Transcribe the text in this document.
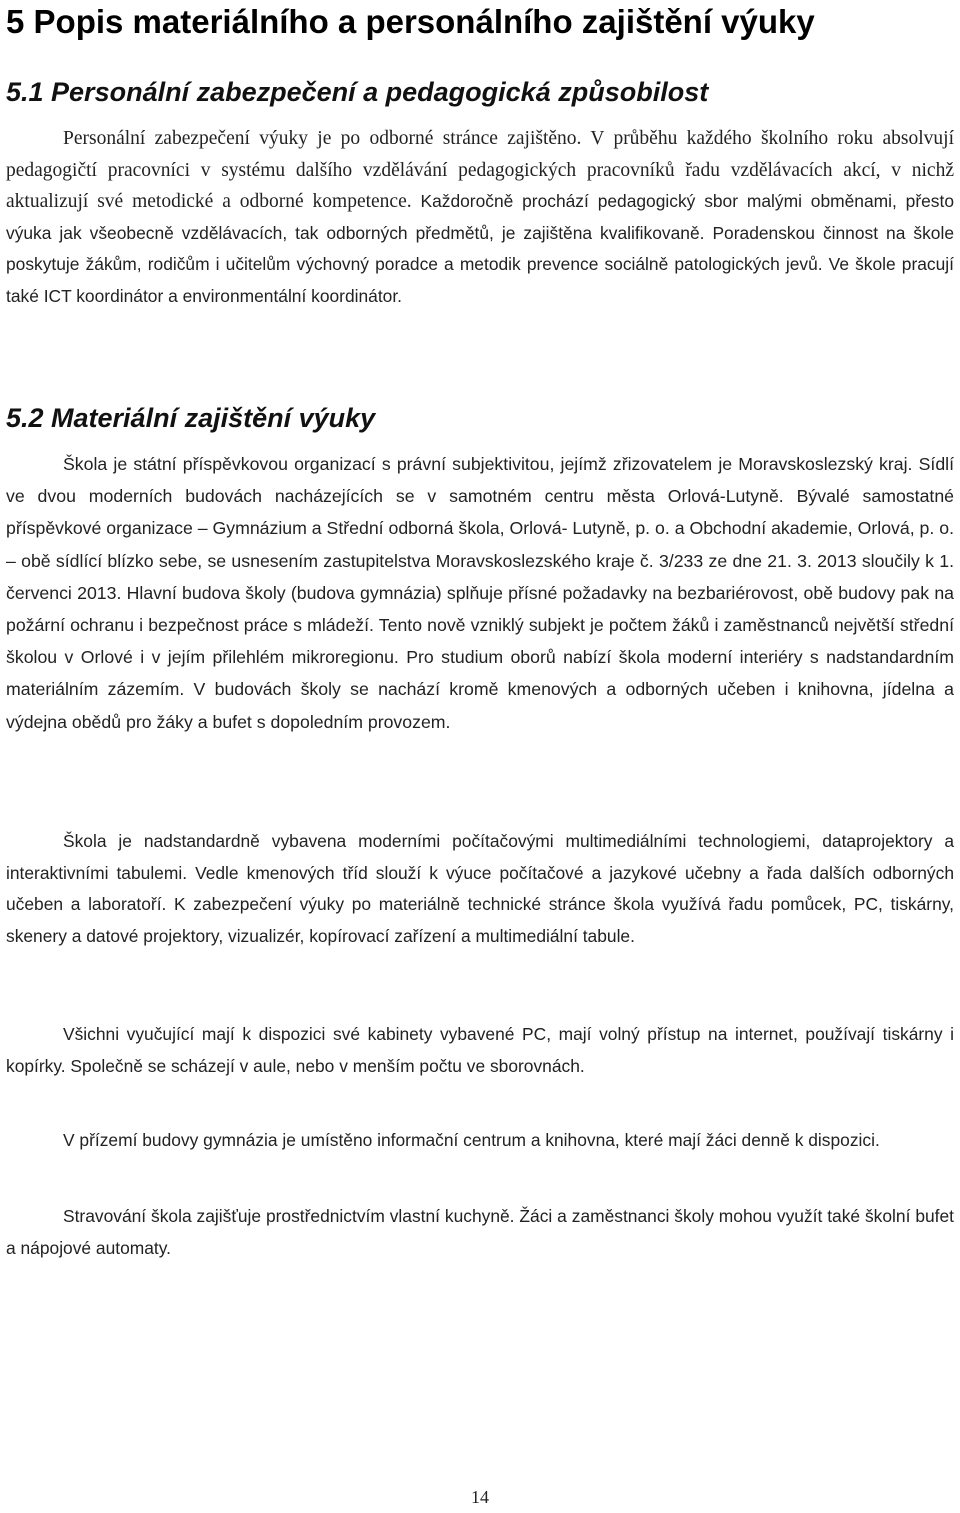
5 Popis materiálního a personálního zajištění výuky
5.1 Personální zabezpečení a pedagogická způsobilost

Personální zabezpečení výuky je po odborné stránce zajištěno. V průběhu každého školního roku absolvují pedagogičtí pracovníci v systému dalšího vzdělávání pedagogických pracovníků řadu vzdělávacích akcí, v nichž aktualizují své metodické a odborné kompetence. Každoročně prochází pedagogický sbor malými obměnami, přesto výuka jak všeobecně vzdělávacích, tak odborných předmětů, je zajištěna kvalifikovaně. Poradenskou činnost na škole poskytuje žákům, rodičům i učitelům výchovný poradce a metodik prevence sociálně patologických jevů. Ve škole pracují také ICT koordinátor a environmentální koordinátor.

5.2 Materiální zajištění výuky

Škola je státní příspěvkovou organizací s právní subjektivitou, jejímž zřizovatelem je Moravskoslezský kraj. Sídlí ve dvou moderních budovách nacházejících se v samotném centru města Orlová-Lutyně. Bývalé samostatné příspěvkové organizace – Gymnázium a Střední odborná škola, Orlová- Lutyně, p. o. a Obchodní akademie, Orlová, p. o. – obě sídlící blízko sebe, se usnesením zastupitelstva Moravskoslezského kraje č. 3/233 ze dne 21. 3. 2013 sloučily k 1. červenci 2013. Hlavní budova školy (budova gymnázia) splňuje přísné požadavky na bezbariérovost, obě budovy pak na požární ochranu i bezpečnost práce s mládeží. Tento nově vzniklý subjekt je počtem žáků i zaměstnanců největší střední školou v Orlové i v jejím přilehlém mikroregionu. Pro studium oborů nabízí škola moderní interiéry s nadstandardním materiálním zázemím. V budovách školy se nachází kromě kmenových a odborných učeben i knihovna, jídelna a výdejna obědů pro žáky a bufet s dopoledním provozem.

Škola je nadstandardně vybavena moderními počítačovými multimediálními technologiemi, dataprojektory a interaktivními tabulemi. Vedle kmenových tříd slouží k výuce počítačové a jazykové učebny a řada dalších odborných učeben a laboratoří. K zabezpečení výuky po materiálně technické stránce škola využívá řadu pomůcek, PC, tiskárny, skenery a datové projektory, vizualizér, kopírovací zařízení a multimediální tabule.

Všichni vyučující mají k dispozici své kabinety vybavené PC, mají volný přístup na internet, používají tiskárny i kopírky. Společně se scházejí v aule, nebo v menším počtu ve sborovnách.

V přízemí budovy gymnázia je umístěno informační centrum a knihovna, které mají žáci denně k dispozici.

Stravování škola zajišťuje prostřednictvím vlastní kuchyně. Žáci a zaměstnanci školy mohou využít také školní bufet a nápojové automaty.

14
